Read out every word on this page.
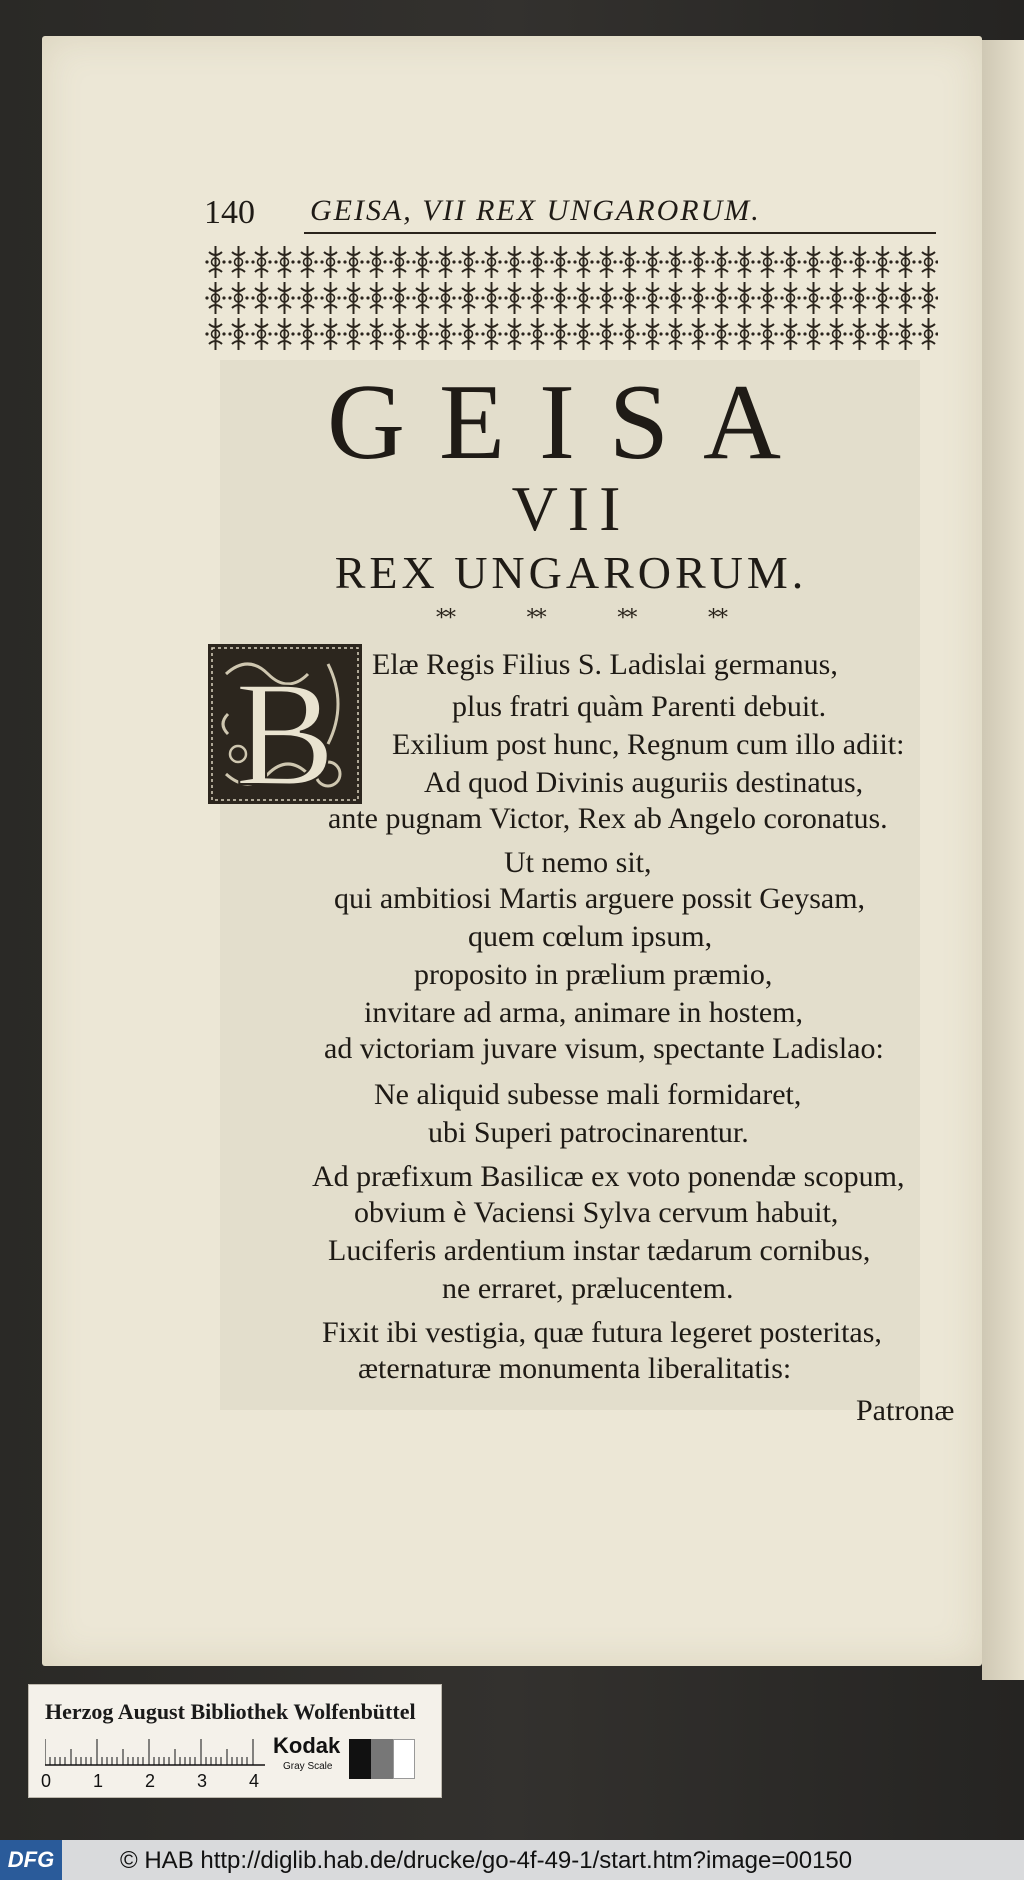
140 GEISA, VII REX UNGARORUM.
GEISA
VII
REX UNGARORUM.
**	**	**	**
B Elæ Regis Filius S. Ladislai germanus,
plus fratri quàm Parenti debuit.
Exilium post hunc, Regnum cum illo adiit:
Ad quod Divinis auguriis destinatus,
ante pugnam Victor, Rex ab Angelo coronatus.
Ut nemo sit,
qui ambitiosi Martis arguere possit Geysam,
quem cœlum ipsum,
proposito in prælium præmio,
invitare ad arma, animare in hostem,
ad victoriam juvare visum, spectante Ladislao:
Ne aliquid subesse mali formidaret,
ubi Superi patrocinarentur.
Ad præfixum Basilicæ ex voto ponendæ scopum,
obvium è Vaciensi Sylva cervum habuit,
Luciferis ardentium instar tædarum cornibus,
ne erraret, prælucentem.
Fixit ibi vestigia, quæ futura legeret posteritas,
æternaturæ monumenta liberalitatis:
Patronæ
Herzog August Bibliothek Wolfenbüttel
0 1 2 3 4
Kodak
Gray Scale
DFG	© HAB http://diglib.hab.de/drucke/go-4f-49-1/start.htm?image=00150
